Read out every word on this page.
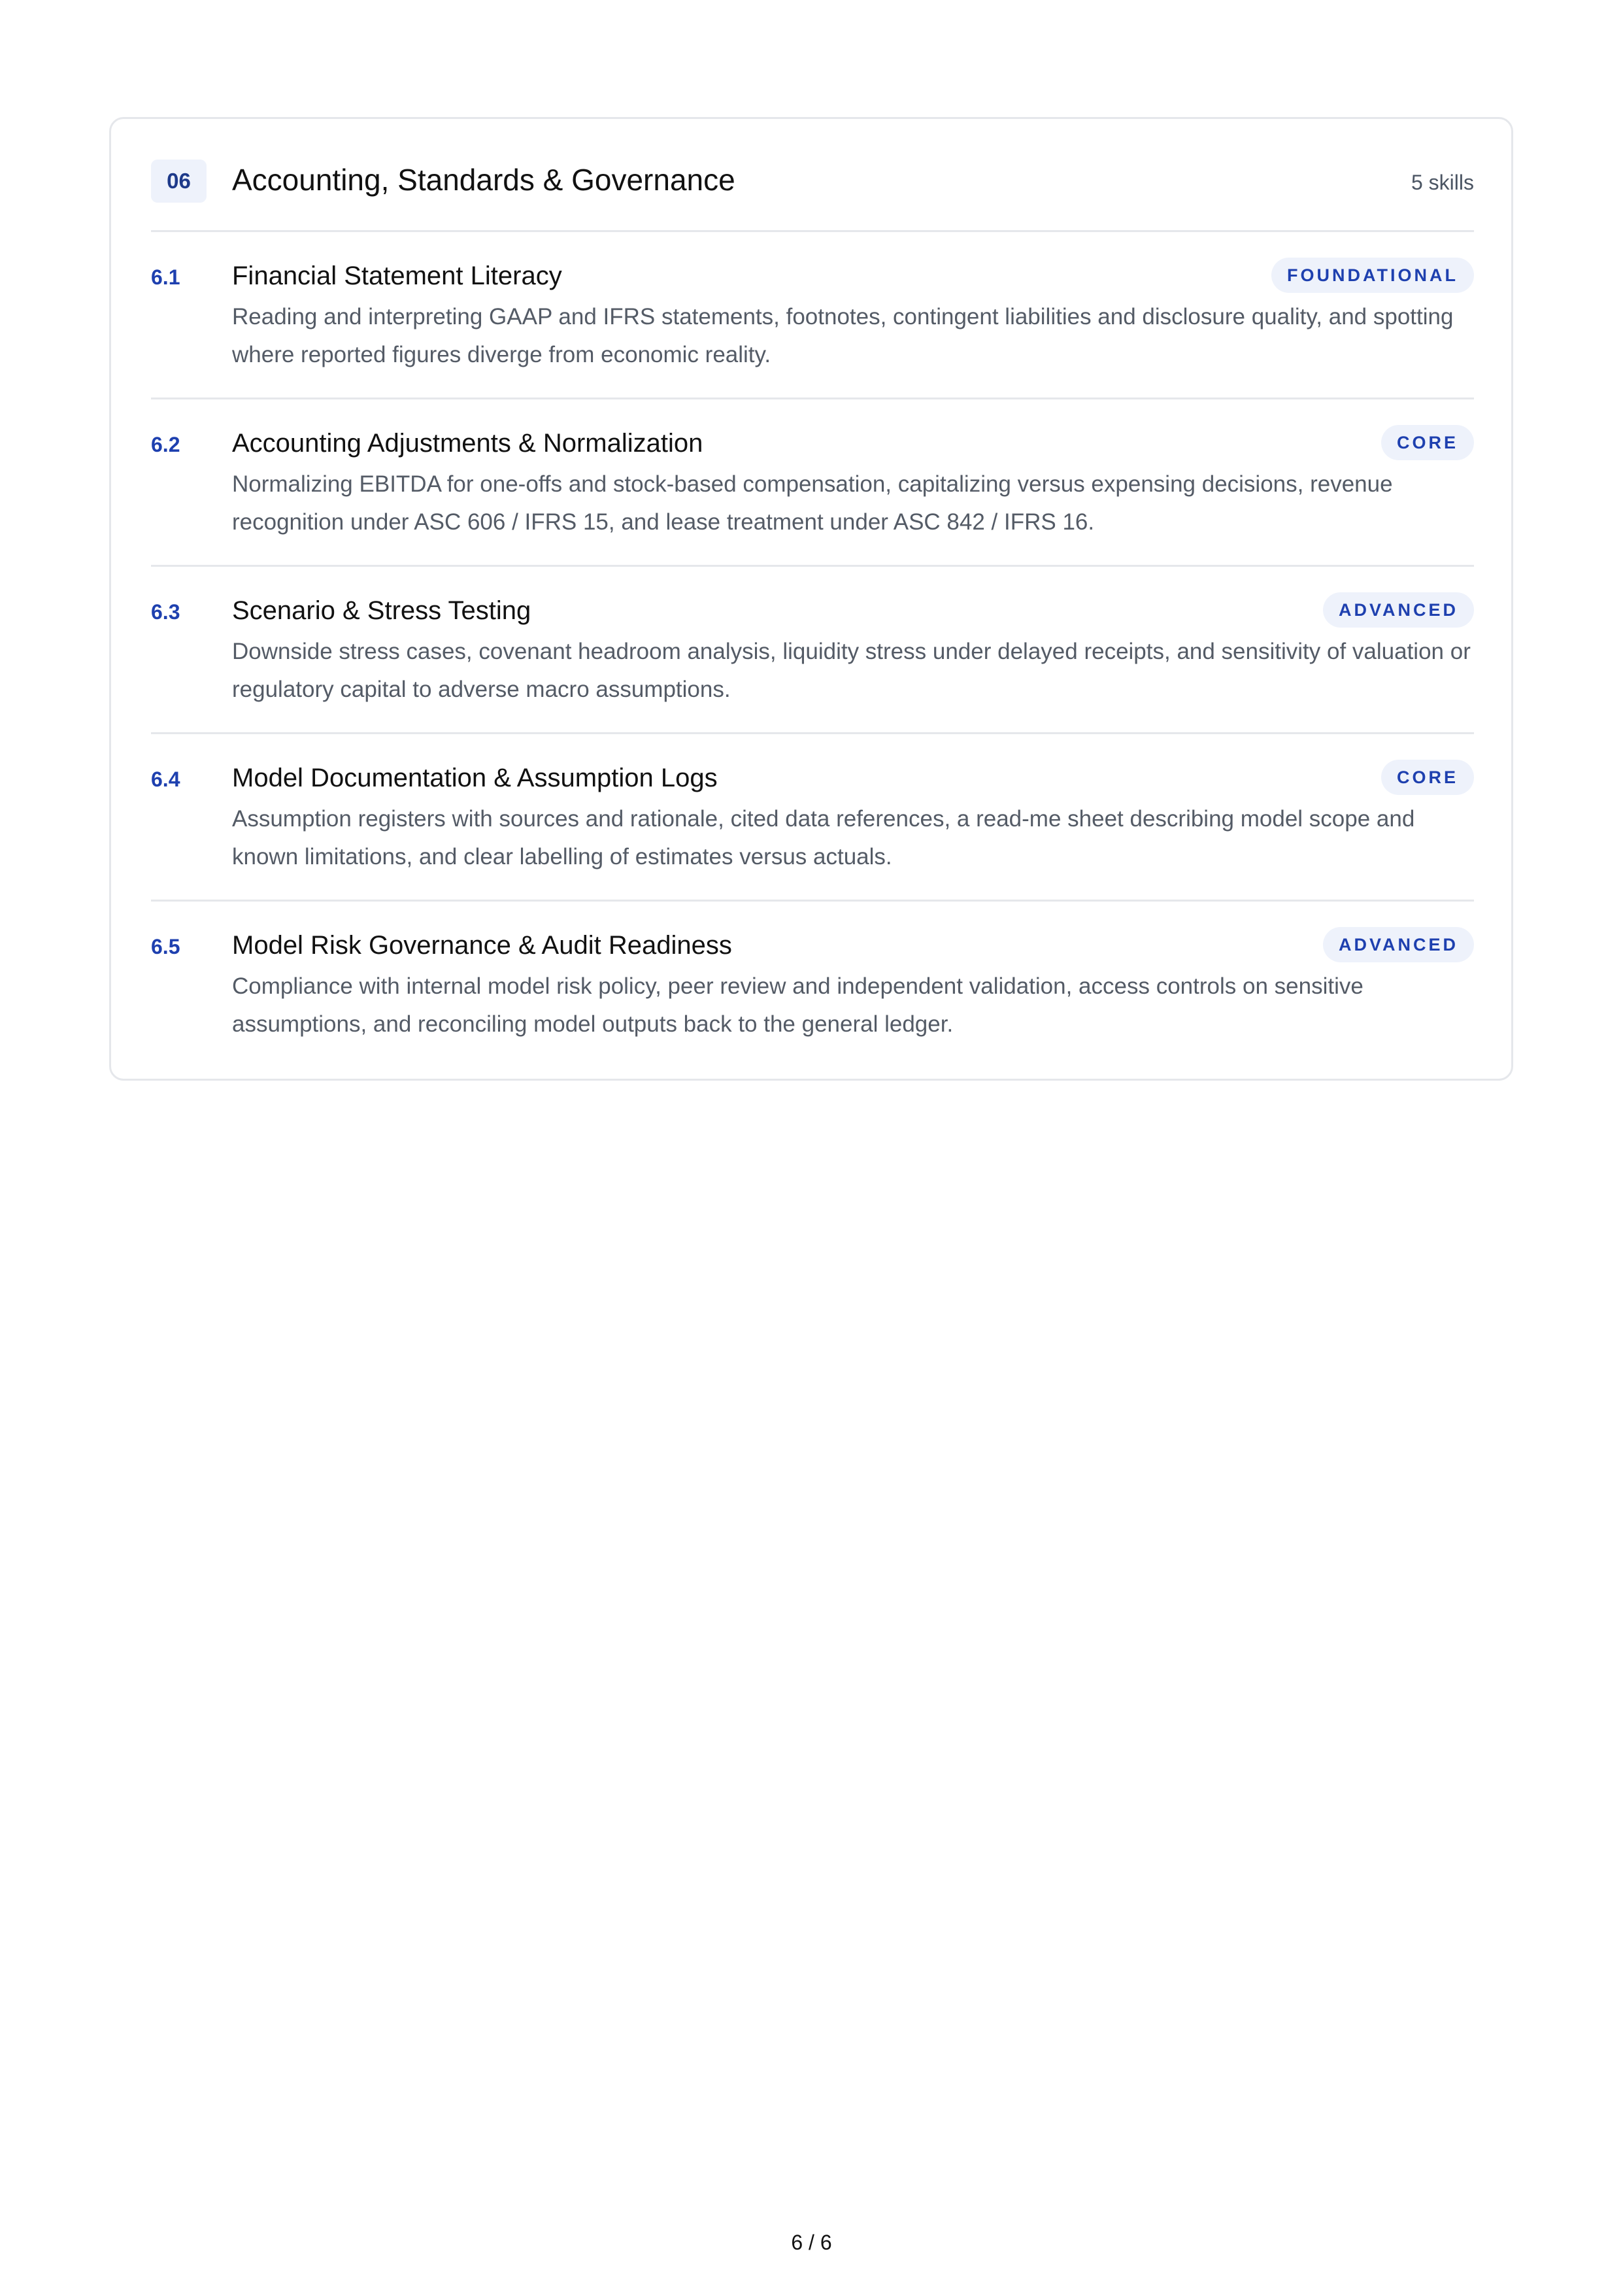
06	Accounting, Standards & Governance	5 skills
6.1 Financial Statement Literacy	FOUNDATIONAL
Reading and interpreting GAAP and IFRS statements, footnotes, contingent liabilities and disclosure quality, and spotting where reported figures diverge from economic reality.
6.2 Accounting Adjustments & Normalization	CORE
Normalizing EBITDA for one-offs and stock-based compensation, capitalizing versus expensing decisions, revenue recognition under ASC 606 / IFRS 15, and lease treatment under ASC 842 / IFRS 16.
6.3 Scenario & Stress Testing	ADVANCED
Downside stress cases, covenant headroom analysis, liquidity stress under delayed receipts, and sensitivity of valuation or regulatory capital to adverse macro assumptions.
6.4 Model Documentation & Assumption Logs	CORE
Assumption registers with sources and rationale, cited data references, a read-me sheet describing model scope and known limitations, and clear labelling of estimates versus actuals.
6.5 Model Risk Governance & Audit Readiness	ADVANCED
Compliance with internal model risk policy, peer review and independent validation, access controls on sensitive assumptions, and reconciling model outputs back to the general ledger.
6 / 6
